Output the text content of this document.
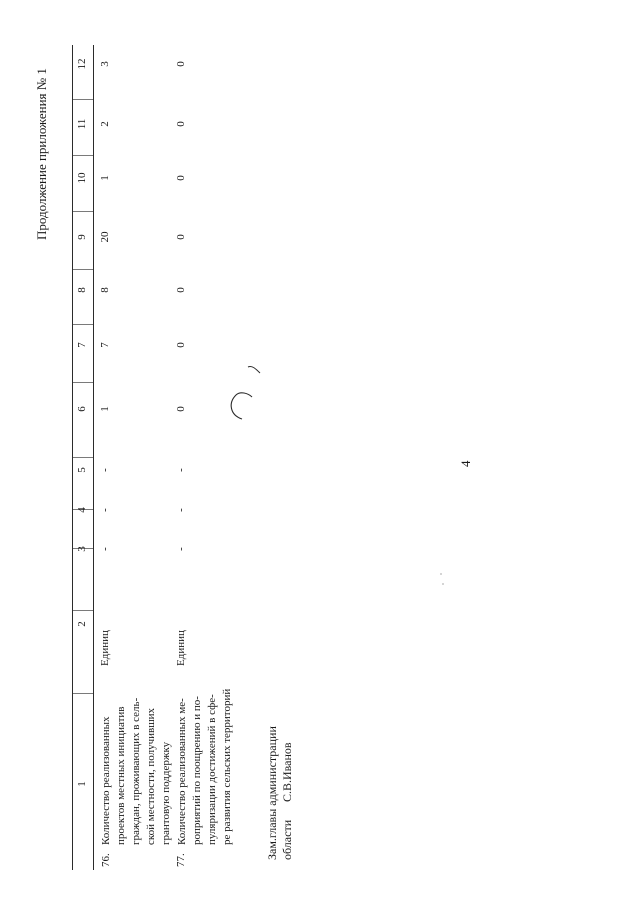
4
Продолжение приложения № 1
1
2
3
4
5
6
7
8
9
10
11
12
76.
Количество реализованных проектов местных инициатив граждан, проживающих в сель- ской местности, получивших грантовую поддержку
Единиц
-
-
-
1
7
8
20
1
2
3
77.
Количество реализованных ме- роприятий по поощрению и по- пуляризации достижений в сфе- ре развития сельских территорий
Единиц
-
-
-
0
0
0
0
0
0
0
Зам.главы администрации области
С.В.Иванов
